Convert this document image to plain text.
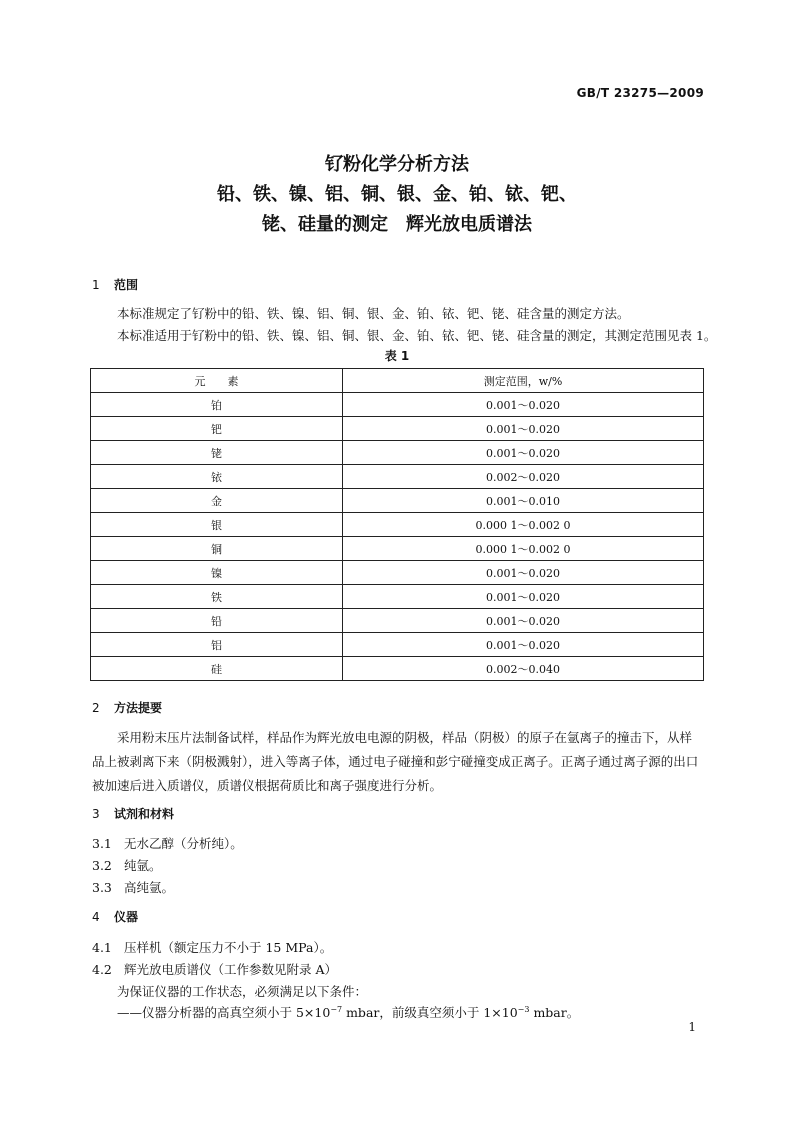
GB/T 23275—2009
钌粉化学分析方法
铅、铁、镍、铝、铜、银、金、铂、铱、钯、
铑、硅量的测定　辉光放电质谱法
1 范围
本标准规定了钌粉中的铅、铁、镍、铝、铜、银、金、铂、铱、钯、铑、硅含量的测定方法。
本标准适用于钌粉中的铅、铁、镍、铝、铜、银、金、铂、铱、钯、铑、硅含量的测定，其测定范围见表 1。
表 1
元　　素	测定范围，w/%
铂	0.001～0.020
钯	0.001～0.020
铑	0.001～0.020
铱	0.002～0.020
金	0.001～0.010
银	0.000 1～0.002 0
铜	0.000 1～0.002 0
镍	0.001～0.020
铁	0.001～0.020
铅	0.001～0.020
铝	0.001～0.020
硅	0.002～0.040
2 方法提要
采用粉末压片法制备试样，样品作为辉光放电电源的阴极，样品（阴极）的原子在氩离子的撞击下，从样品上被剥离下来（阴极溅射），进入等离子体，通过电子碰撞和彭宁碰撞变成正离子。正离子通过离子源的出口被加速后进入质谱仪，质谱仪根据荷质比和离子强度进行分析。
3 试剂和材料
3.1 无水乙醇（分析纯）。
3.2 纯氩。
3.3 高纯氩。
4 仪器
4.1 压样机（额定压力不小于 15 MPa）。
4.2 辉光放电质谱仪（工作参数见附录 A）
为保证仪器的工作状态，必须满足以下条件：
——仪器分析器的高真空须小于 $5\times 10^{-7}$ mbar，前级真空须小于 $1\times 10^{-3}$ mbar。
1
